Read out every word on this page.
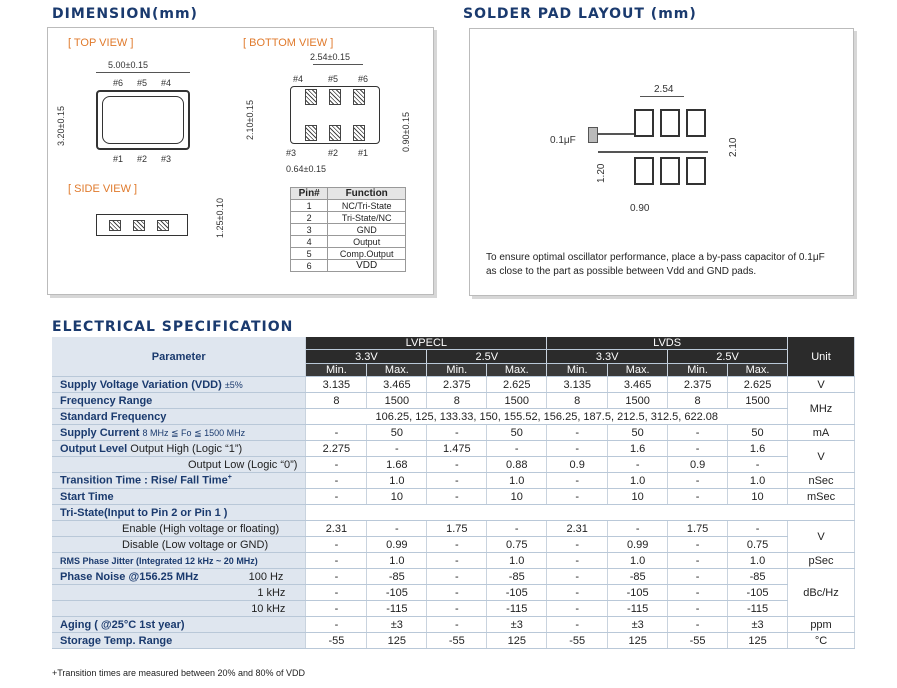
DIMENSION(mm)
[ TOP VIEW ]	[ BOTTOM VIEW ]
[ SIDE VIEW ]
5.00±0.15
#6 #5 #4
#1 #2 #3
3.20±0.15
2.54±0.15
#4	#5 #6
#3	#2 #1
0.64±0.15
2.10±0.15	0.90±0.15
1.25±0.10
Pin#	Function
1	NC/Tri-State
2	Tri-State/NC
3	GND
4	Output
5	Comp.Output
6	VDD
SOLDER PAD LAYOUT (mm)
2.54
0.1μF	2.10
1.20
0.90
To ensure optimal oscillator performance, place a by-pass capacitor of 0.1μF
as close to the part as possible between Vdd and GND pads.
ELECTRICAL SPECIFICATION
Parameter	LVPECL				LVDS				Unit
	3.3V		2.5V		3.3V		2.5V		
	Min.	Max.	Min.	Max.	Min.	Max.	Min.	Max.	
Supply Voltage Variation (VDD) ±5%	3.135	3.465	2.375	2.625	3.135	3.465	2.375	2.625	V
Frequency Range	8	1500	8	1500	8	1500	8	1500	MHz
Standard Frequency	106.25, 125, 133.33, 150, 155.52, 156.25, 187.5, 212.5, 312.5, 622.08								
Supply Current 8 MHz ≦ Fo ≦ 1500 MHz	-	50	-	50	-	50	-	50	mA
Output Level Output High (Logic “1”)	2.275	-	1.475	-	-	1.6	-	1.6	V
Output Low (Logic “0”)	-	1.68	-	0.88	0.9	-	0.9	-	
Transition Time : Rise/ Fall Time+	-	1.0	-	1.0	-	1.0	-	1.0	nSec
Start Time	-	10	-	10	-	10	-	10	mSec
Tri-State(Input to Pin 2 or Pin 1 )									
Enable (High voltage or floating)	2.31	-	1.75	-	2.31	-	1.75	-	V
Disable (Low voltage or GND)	-	0.99	-	0.75	-	0.99	-	0.75	
RMS Phase Jitter (Integrated 12 kHz ~ 20 MHz)	-	1.0	-	1.0	-	1.0	-	1.0	pSec
Phase Noise @156.25 MHz 100 Hz	-	-85	-	-85	-	-85	-	-85	dBc/Hz
1 kHz	-	-105	-	-105	-	-105	-	-105	
10 kHz	-	-115	-	-115	-	-115	-	-115	
Aging ( @25°C 1st year)	-	±3	-	±3	-	±3	-	±3	ppm
Storage Temp. Range	-55	125	-55	125	-55	125	-55	125	°C
+Transition times are measured between 20% and 80% of VDD
